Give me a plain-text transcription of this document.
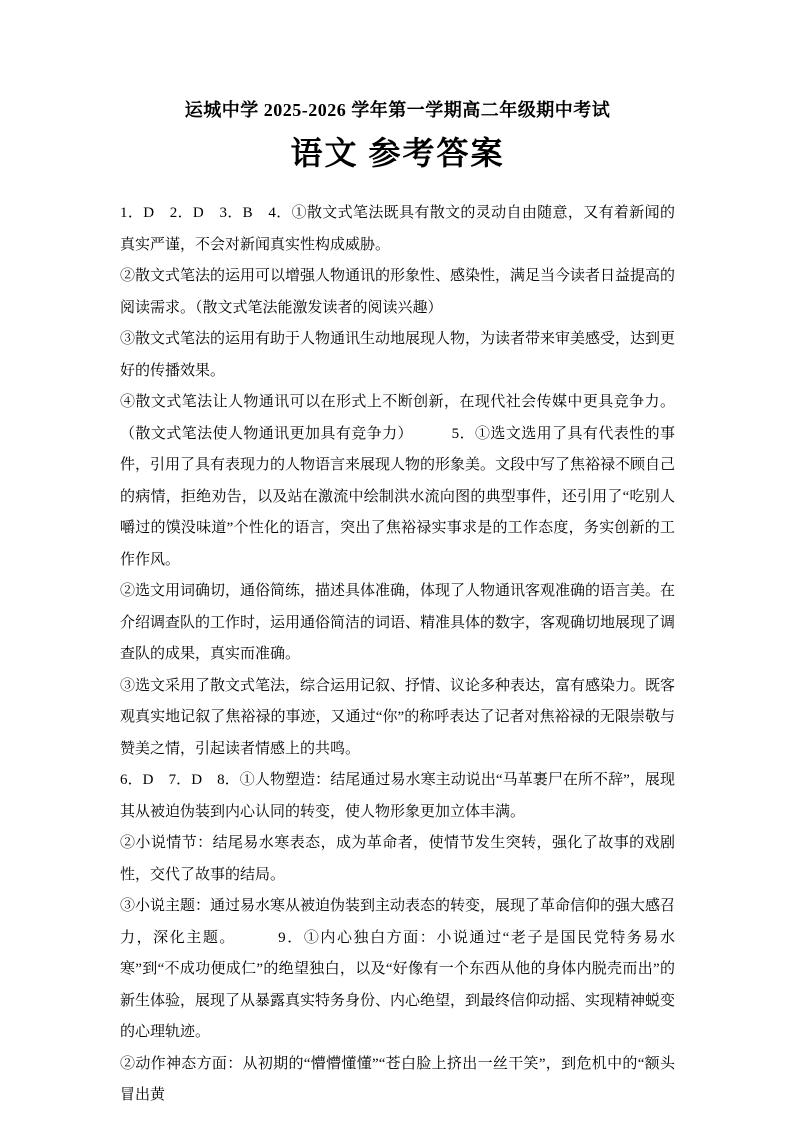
运城中学 2025-2026 学年第一学期高二年级期中考试
语文 参考答案

1．D　2．D　3．B　4．①散文式笔法既具有散文的灵动自由随意，又有着新闻的真实严谨，不会对新闻真实性构成威胁。

②散文式笔法的运用可以增强人物通讯的形象性、感染性，满足当今读者日益提高的阅读需求。（散文式笔法能激发读者的阅读兴趣）

③散文式笔法的运用有助于人物通讯生动地展现人物，为读者带来审美感受，达到更好的传播效果。

④散文式笔法让人物通讯可以在形式上不断创新，在现代社会传媒中更具竞争力。（散文式笔法使人物通讯更加具有竞争力）　　　5．①选文选用了具有代表性的事件，引用了具有表现力的人物语言来展现人物的形象美。文段中写了焦裕禄不顾自己的病情，拒绝劝告，以及站在激流中绘制洪水流向图的典型事件，还引用了“吃别人嚼过的馍没味道”个性化的语言，突出了焦裕禄实事求是的工作态度，务实创新的工作作风。

②选文用词确切，通俗简练，描述具体准确，体现了人物通讯客观准确的语言美。在介绍调查队的工作时，运用通俗简洁的词语、精准具体的数字，客观确切地展现了调查队的成果，真实而准确。

③选文采用了散文式笔法，综合运用记叙、抒情、议论多种表达，富有感染力。既客观真实地记叙了焦裕禄的事迹，又通过“你”的称呼表达了记者对焦裕禄的无限崇敬与赞美之情，引起读者情感上的共鸣。

6．D　7．D　8．①人物塑造：结尾通过易水寒主动说出“马革裹尸在所不辞”，展现其从被迫伪装到内心认同的转变，使人物形象更加立体丰满。

②小说情节：结尾易水寒表态，成为革命者，使情节发生突转，强化了故事的戏剧性，交代了故事的结局。

③小说主题：通过易水寒从被迫伪装到主动表态的转变，展现了革命信仰的强大感召力，深化主题。　　　9．①内心独白方面：小说通过“老子是国民党特务易水寒”到“不成功便成仁”的绝望独白，以及“好像有一个东西从他的身体内脱壳而出”的新生体验，展现了从暴露真实特务身份、内心绝望，到最终信仰动摇、实现精神蜕变的心理轨迹。

②动作神态方面：从初期的“懵懵懂懂”“苍白脸上挤出一丝干笑”，到危机中的“额头冒出黄
